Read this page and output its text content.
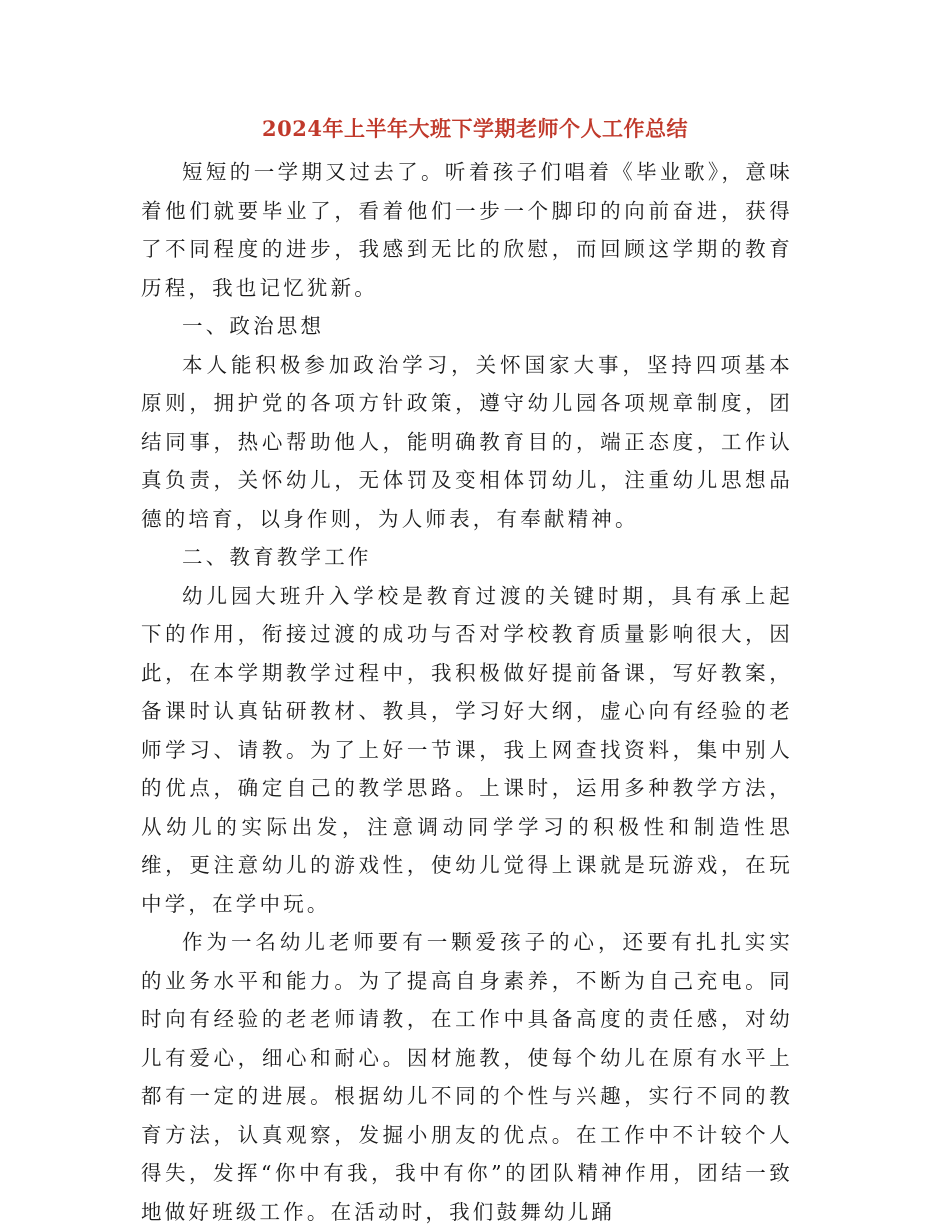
2024年上半年大班下学期老师个人工作总结

短短的一学期又过去了。听着孩子们唱着《毕业歌》，意味着他们就要毕业了，看着他们一步一个脚印的向前奋进，获得了不同程度的进步，我感到无比的欣慰，而回顾这学期的教育历程，我也记忆犹新。

一、政治思想

本人能积极参加政治学习，关怀国家大事，坚持四项基本原则，拥护党的各项方针政策，遵守幼儿园各项规章制度，团结同事，热心帮助他人，能明确教育目的，端正态度，工作认真负责，关怀幼儿，无体罚及变相体罚幼儿，注重幼儿思想品德的培育，以身作则，为人师表，有奉献精神。

二、教育教学工作

幼儿园大班升入学校是教育过渡的关键时期，具有承上起下的作用，衔接过渡的成功与否对学校教育质量影响很大，因此，在本学期教学过程中，我积极做好提前备课，写好教案，备课时认真钻研教材、教具，学习好大纲，虚心向有经验的老师学习、请教。为了上好一节课，我上网查找资料，集中别人的优点，确定自己的教学思路。上课时，运用多种教学方法，从幼儿的实际出发，注意调动同学学习的积极性和制造性思维，更注意幼儿的游戏性，使幼儿觉得上课就是玩游戏，在玩中学，在学中玩。

作为一名幼儿老师要有一颗爱孩子的心，还要有扎扎实实的业务水平和能力。为了提高自身素养，不断为自己充电。同时向有经验的老老师请教，在工作中具备高度的责任感，对幼儿有爱心，细心和耐心。因材施教，使每个幼儿在原有水平上都有一定的进展。根据幼儿不同的个性与兴趣，实行不同的教育方法，认真观察，发掘小朋友的优点。在工作中不计较个人得失，发挥“你中有我，我中有你”的团队精神作用，团结一致地做好班级工作。在活动时，我们鼓舞幼儿踊
